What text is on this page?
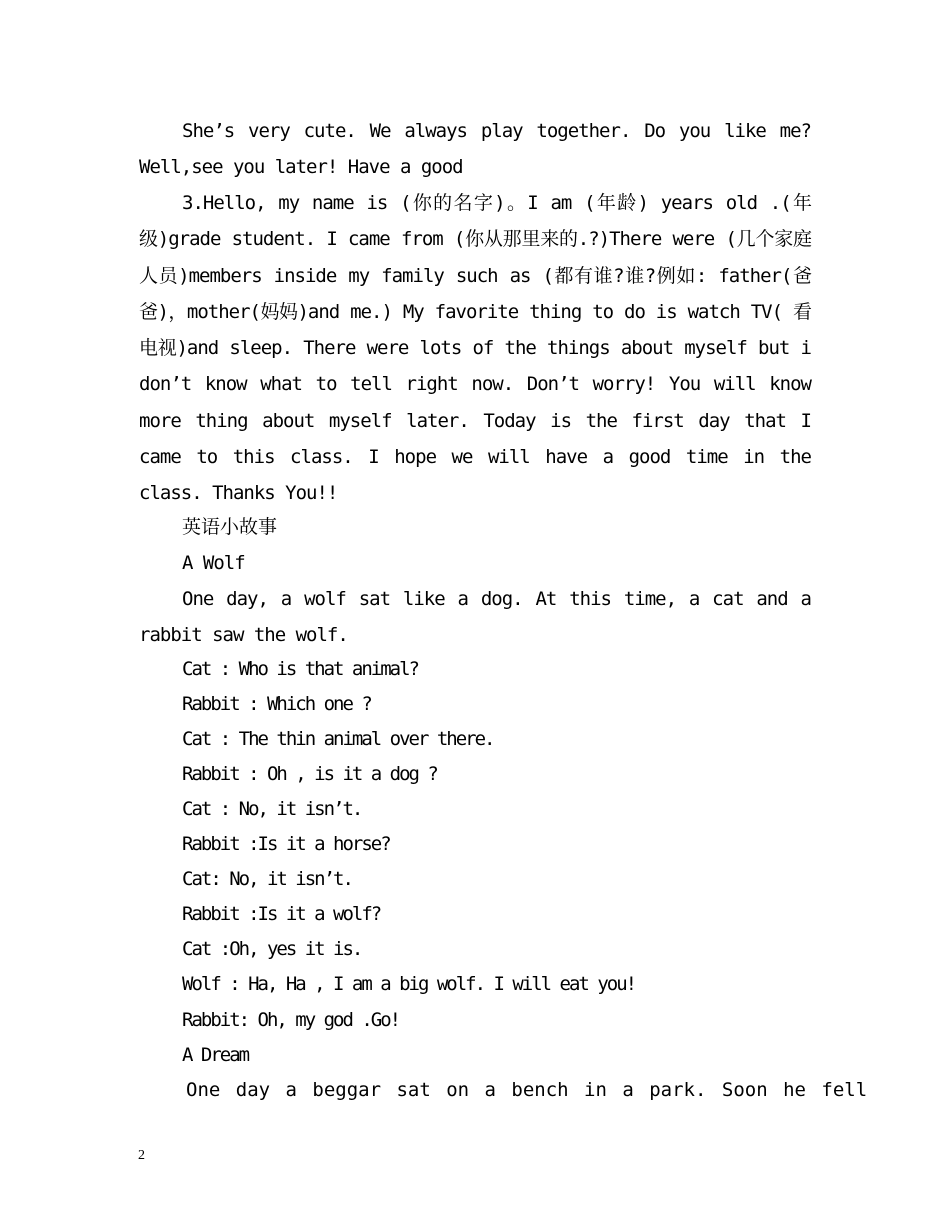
She’s very cute. We always play together. Do you like me? Well,see you later! Have a good

3.Hello, my name is (你的名字)。I am (年龄) years old .(年级)grade student. I came from (你从那里来的.?)There were (几个家庭人员)members inside my family such as (都有谁?谁?例如: father(爸爸)，mother(妈妈)and me.) My favorite thing to do is watch TV( 看电视)and sleep. There were lots of the things about myself but i don’t know what to tell right now. Don’t worry! You will know more thing about myself later. Today is the first day that I came to this class. I hope we will have a good time in the class. Thanks You!!

英语小故事
A Wolf

One day, a wolf sat like a dog. At this time, a cat and a rabbit saw the wolf.

Cat : Who is that animal?
Rabbit : Which one ?
Cat : The thin animal over there.
Rabbit : Oh , is it a dog ?
Cat : No, it isn’t.
Rabbit :Is it a horse?
Cat: No, it isn’t.
Rabbit :Is it a wolf?
Cat :Oh, yes it is.
Wolf : Ha, Ha , I am a big wolf. I will eat you!
Rabbit: Oh, my god .Go!
A Dream
One day a beggar sat on a bench in a park. Soon he fell
2
